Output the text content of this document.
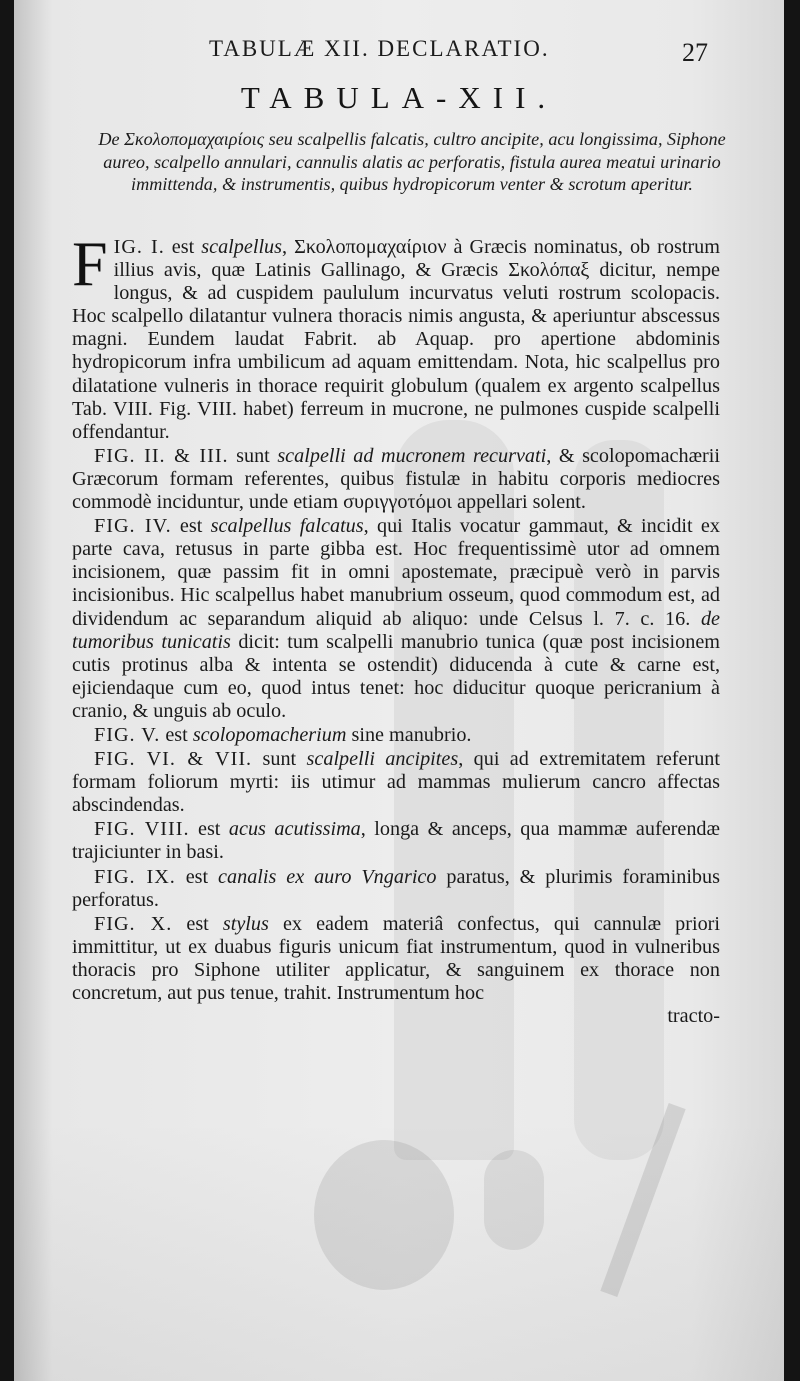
TABULÆ XII. DECLARATIO.	27
TABULA-XII.
De Σκολοπομαχαιρίοις seu scalpellis falcatis, cultro ancipite, acu longissima, Siphone aureo, scalpello annulari, cannulis alatis ac perforatis, fistula aurea meatui urinario immittenda, & instrumentis, quibus hydropicorum venter & scrotum aperitur.

FIG. I. est scalpellus, Σκολοπομαχαίριον à Græcis nominatus, ob rostrum illius avis, quæ Latinis Gallinago, & Græcis Σκολόπαξ dicitur, nempe longus, & ad cuspidem paululum incurvatus veluti rostrum scolopacis. Hoc scalpello dilatantur vulnera thoracis nimis angusta, & aperiuntur abscessus magni. Eundem laudat Fabrit. ab Aquap. pro apertione abdominis hydropicorum infra umbilicum ad aquam emittendam. Nota, hic scalpellus pro dilatatione vulneris in thorace requirit globulum (qualem ex argento scalpellus Tab. VIII. Fig. VIII. habet) ferreum in mucrone, ne pulmones cuspide scalpelli offendantur.

FIG. II. & III. sunt scalpelli ad mucronem recurvati, & scolopomachærii Græcorum formam referentes, quibus fistulæ in habitu corporis mediocres commodè inciduntur, unde etiam συριγγοτόμοι appellari solent.

FIG. IV. est scalpellus falcatus, qui Italis vocatur gammaut, & incidit ex parte cava, retusus in parte gibba est. Hoc frequentissimè utor ad omnem incisionem, quæ passim fit in omni apostemate, præcipuè verò in parvis incisionibus. Hic scalpellus habet manubrium osseum, quod commodum est, ad dividendum ac separandum aliquid ab aliquo: unde Celsus l. 7. c. 16. de tumoribus tunicatis dicit: tum scalpelli manubrio tunica (quæ post incisionem cutis protinus alba & intenta se ostendit) diducenda à cute & carne est, ejiciendaque cum eo, quod intus tenet: hoc diducitur quoque pericranium à cranio, & unguis ab oculo.

FIG. V. est scolopomacherium sine manubrio.

FIG. VI. & VII. sunt scalpelli ancipites, qui ad extremitatem referunt formam foliorum myrti: iis utimur ad mammas mulierum cancro affectas abscindendas.

FIG. VIII. est acus acutissima, longa & anceps, qua mammæ auferendæ trajiciunter in basi.

FIG. IX. est canalis ex auro Vngarico paratus, & plurimis foraminibus perforatus.

FIG. X. est stylus ex eadem materiâ confectus, qui cannulæ priori immittitur, ut ex duabus figuris unicum fiat instrumentum, quod in vulneribus thoracis pro Siphone utiliter applicatur, & sanguinem ex thorace non concretum, aut pus tenue, trahit. Instrumentum hoc

tracto-
